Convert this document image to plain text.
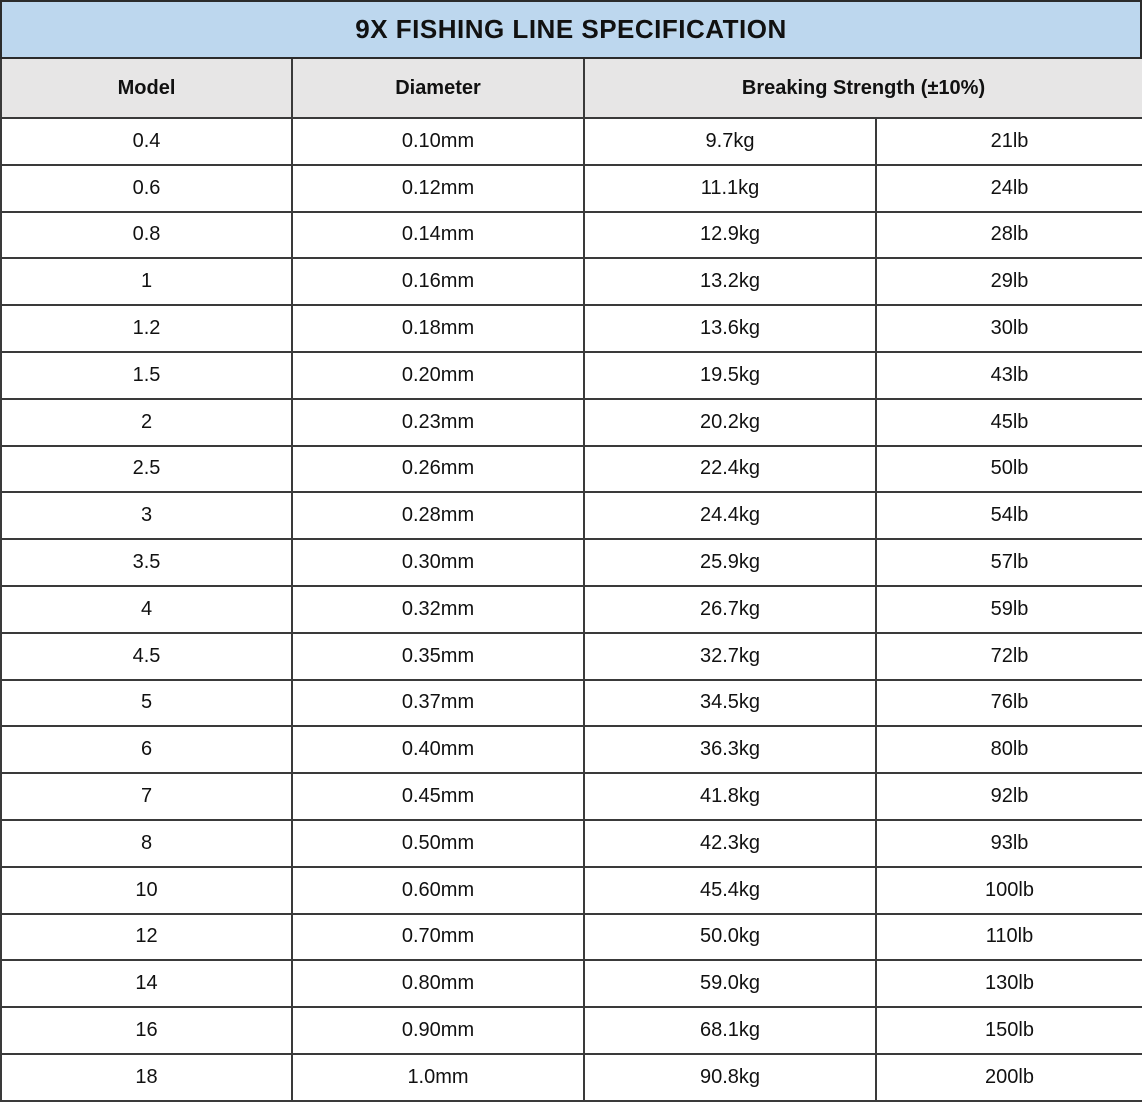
9X FISHING LINE SPECIFICATION
Model	Diameter	Breaking Strength (±10%)	
0.4	0.10mm	9.7kg	21lb
0.6	0.12mm	11.1kg	24lb
0.8	0.14mm	12.9kg	28lb
1	0.16mm	13.2kg	29lb
1.2	0.18mm	13.6kg	30lb
1.5	0.20mm	19.5kg	43lb
2	0.23mm	20.2kg	45lb
2.5	0.26mm	22.4kg	50lb
3	0.28mm	24.4kg	54lb
3.5	0.30mm	25.9kg	57lb
4	0.32mm	26.7kg	59lb
4.5	0.35mm	32.7kg	72lb
5	0.37mm	34.5kg	76lb
6	0.40mm	36.3kg	80lb
7	0.45mm	41.8kg	92lb
8	0.50mm	42.3kg	93lb
10	0.60mm	45.4kg	100lb
12	0.70mm	50.0kg	110lb
14	0.80mm	59.0kg	130lb
16	0.90mm	68.1kg	150lb
18	1.0mm	90.8kg	200lb
